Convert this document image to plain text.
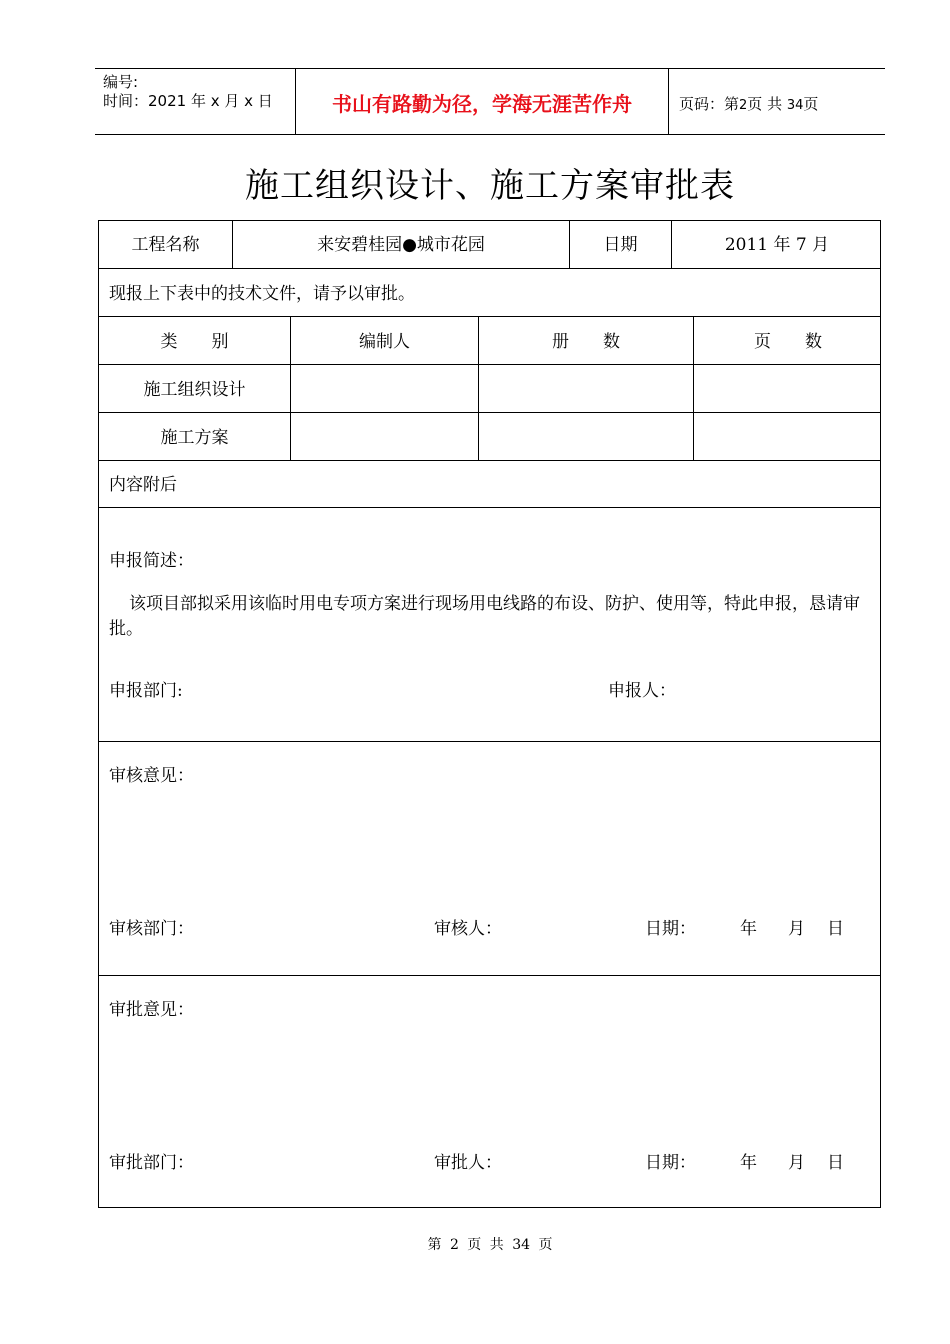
编号:
时间：2021 年 x 月 x 日	书山有路勤为径，学海无涯苦作舟	页码：第2页 共 34页
施工组织设计、施工方案审批表
工程名称	来安碧桂园●城市花园	日期	2011 年 7 月
现报上下表中的技术文件，请予以审批。
类　　别	编制人	册　　数	页　　数
施工组织设计
施工方案
内容附后
申报简述：
该项目部拟采用该临时用电专项方案进行现场用电线路的布设、防护、使用等，特此申报，恳请审批。
申报部门:	申报人：
审核意见：
审核部门：	审核人：	日期：	年 月 日
审批意见：
审批部门：	审批人：	日期：	年 月 日
第 2 页 共 34 页
